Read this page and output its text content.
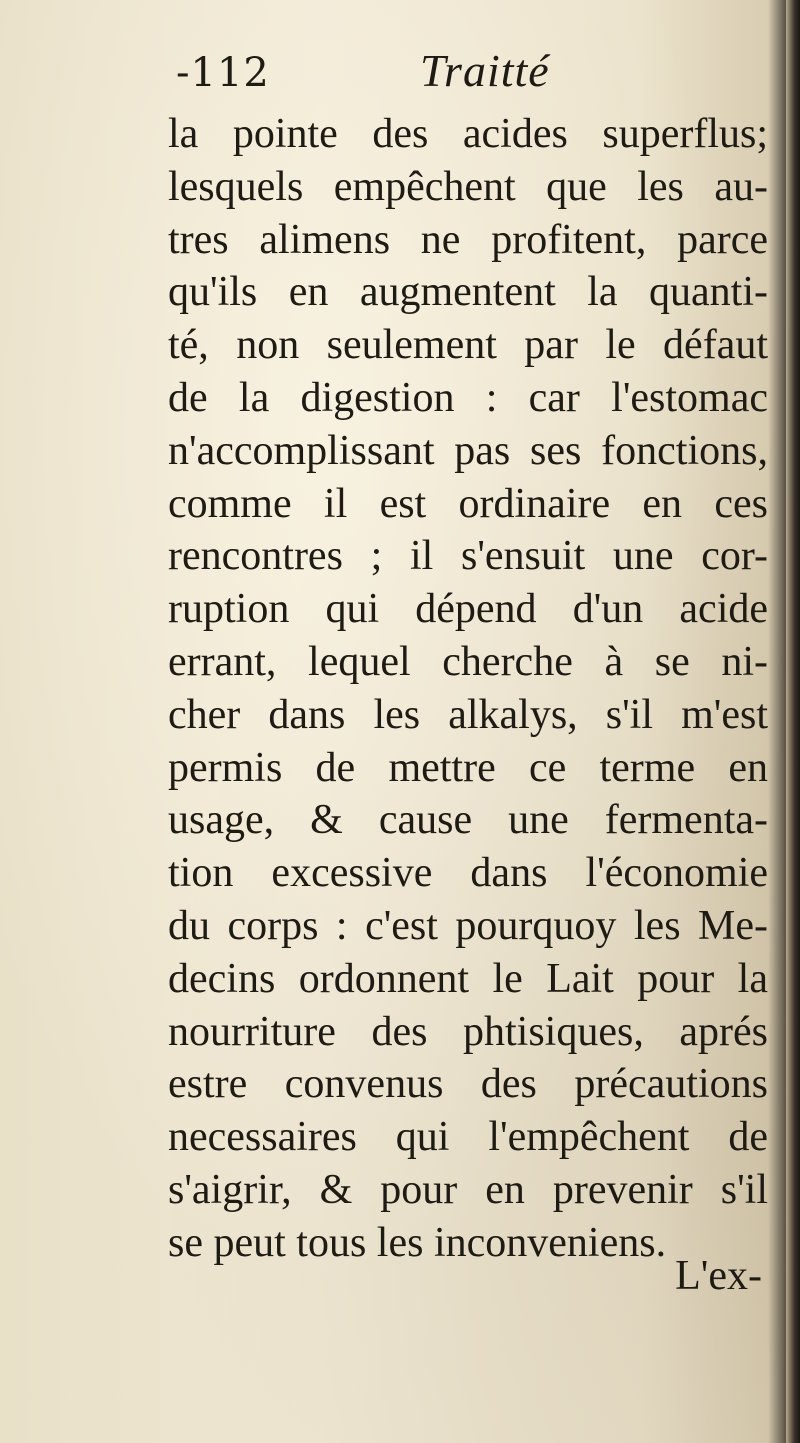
-112	Traitté
la pointe des acides superflus;
lesquels empêchent que les au-
tres alimens ne profitent, parce
qu'ils en augmentent la quanti-
té, non seulement par le défaut
de la digestion : car l'estomac
n'accomplissant pas ses fonctions,
comme il est ordinaire en ces
rencontres ; il s'ensuit une cor-
ruption qui dépend d'un acide
errant, lequel cherche à se ni-
cher dans les alkalys, s'il m'est
permis de mettre ce terme en
usage, & cause une fermenta-
tion excessive dans l'économie
du corps : c'est pourquoy les Me-
decins ordonnent le Lait pour la
nourriture des phtisiques, aprés
estre convenus des précautions
necessaires qui l'empêchent de
s'aigrir, & pour en prevenir s'il
se peut tous les inconveniens.
L'ex-
